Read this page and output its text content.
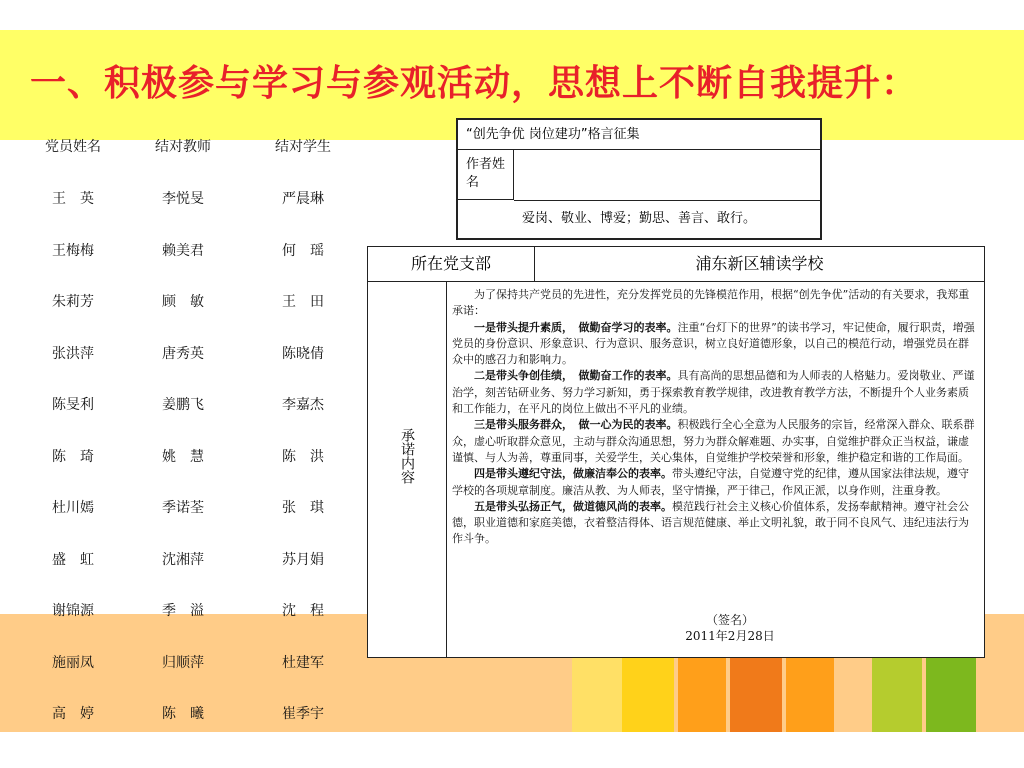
一、积极参与学习与参观活动，思想上不断自我提升：
党员姓名	结对教师	结对学生
王　英	李悦旻	严晨琳
王梅梅	赖美君	何　瑶
朱莉芳	顾　敏	王　田
张洪萍	唐秀英	陈晓倩
陈旻利	姜鹏飞	李嘉杰
陈　琦	姚　慧	陈　洪
杜川嫣	季诺荃	张　琪
盛　虹	沈湘萍	苏月娟
谢锦源	季　溢	沈　程
施丽凤	归顺萍	杜建军
高　婷	陈　曦	崔季宇
“创先争优 岗位建功”格言征集
作者姓名
爱岗、敬业、博爱；勤思、善言、敢行。
所在党支部	浦东新区辅读学校
承诺内容

为了保持共产党员的先进性，充分发挥党员的先锋模范作用，根据“创先争优”活动的有关要求，我郑重承诺：

一是带头提升素质，　做勤奋学习的表率。注重“台灯下的世界”的读书学习，牢记使命，履行职责，增强党员的身份意识、形象意识、行为意识、服务意识，树立良好道德形象，以自己的模范行动，增强党员在群众中的感召力和影响力。

二是带头争创佳绩，　做勤奋工作的表率。具有高尚的思想品德和为人师表的人格魅力。爱岗敬业、严谨治学，刻苦钻研业务、努力学习新知，勇于探索教育教学规律，改进教育教学方法，不断提升个人业务素质和工作能力，在平凡的岗位上做出不平凡的业绩。

三是带头服务群众，　做一心为民的表率。积极践行全心全意为人民服务的宗旨，经常深入群众、联系群众，虚心听取群众意见，主动与群众沟通思想，努力为群众解难题、办实事，自觉维护群众正当权益，谦虚谨慎、与人为善，尊重同事，关爱学生，关心集体，自觉维护学校荣誉和形象，维护稳定和谐的工作局面。

四是带头遵纪守法，做廉洁奉公的表率。带头遵纪守法，自觉遵守党的纪律，遵从国家法律法规，遵守学校的各项规章制度。廉洁从教、为人师表，坚守情操，严于律己，作风正派，以身作则，注重身教。

五是带头弘扬正气，做道德风尚的表率。模范践行社会主义核心价值体系，发扬奉献精神。遵守社会公德，职业道德和家庭美德，衣着整洁得体、语言规范健康、举止文明礼貌，敢于同不良风气、违纪违法行为作斗争。

（签名）
2011年2月28日
